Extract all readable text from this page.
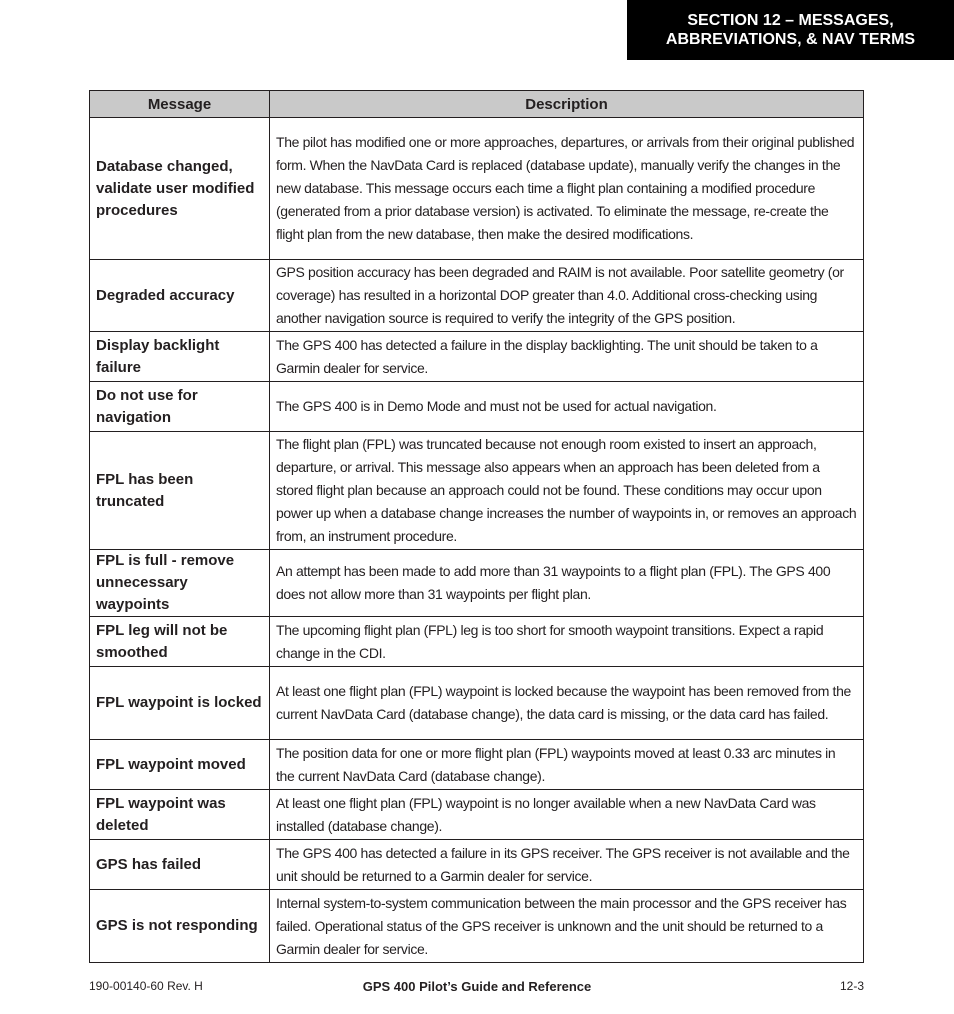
SECTION 12 – MESSAGES,
ABBREVIATIONS, & NAV TERMS
Message	Description
Database changed, validate user modified procedures	The pilot has modified one or more approaches, departures, or arrivals from their original published form. When the NavData Card is replaced (database update), manually verify the changes in the new database. This message occurs each time a flight plan containing a modified procedure (generated from a prior database version) is activated. To eliminate the message, re-create the flight plan from the new database, then make the desired modifications.
Degraded accuracy	GPS position accuracy has been degraded and RAIM is not available. Poor satellite geometry (or coverage) has resulted in a horizontal DOP greater than 4.0. Additional cross-checking using another navigation source is required to verify the integrity of the GPS position.
Display backlight failure	The GPS 400 has detected a failure in the display backlighting. The unit should be taken to a Garmin dealer for service.
Do not use for navigation	The GPS 400 is in Demo Mode and must not be used for actual navigation.
FPL has been truncated	The flight plan (FPL) was truncated because not enough room existed to insert an approach, departure, or arrival. This message also appears when an approach has been deleted from a stored flight plan because an approach could not be found. These conditions may occur upon power up when a database change increases the number of waypoints in, or removes an approach from, an instrument procedure.
FPL is full - remove unnecessary waypoints	An attempt has been made to add more than 31 waypoints to a flight plan (FPL). The GPS 400 does not allow more than 31 waypoints per flight plan.
FPL leg will not be smoothed	The upcoming flight plan (FPL) leg is too short for smooth waypoint transitions. Expect a rapid change in the CDI.
FPL waypoint is locked	At least one flight plan (FPL) waypoint is locked because the waypoint has been removed from the current NavData Card (database change), the data card is missing, or the data card has failed.
FPL waypoint moved	The position data for one or more flight plan (FPL) waypoints moved at least 0.33 arc minutes in the current NavData Card (database change).
FPL waypoint was deleted	At least one flight plan (FPL) waypoint is no longer available when a new NavData Card was installed (database change).
GPS has failed	The GPS 400 has detected a failure in its GPS receiver. The GPS receiver is not available and the unit should be returned to a Garmin dealer for service.
GPS is not responding	Internal system-to-system communication between the main processor and the GPS receiver has failed. Operational status of the GPS receiver is unknown and the unit should be returned to a Garmin dealer for service.
190-00140-60 Rev. H	GPS 400 Pilot’s Guide and Reference	12-3
